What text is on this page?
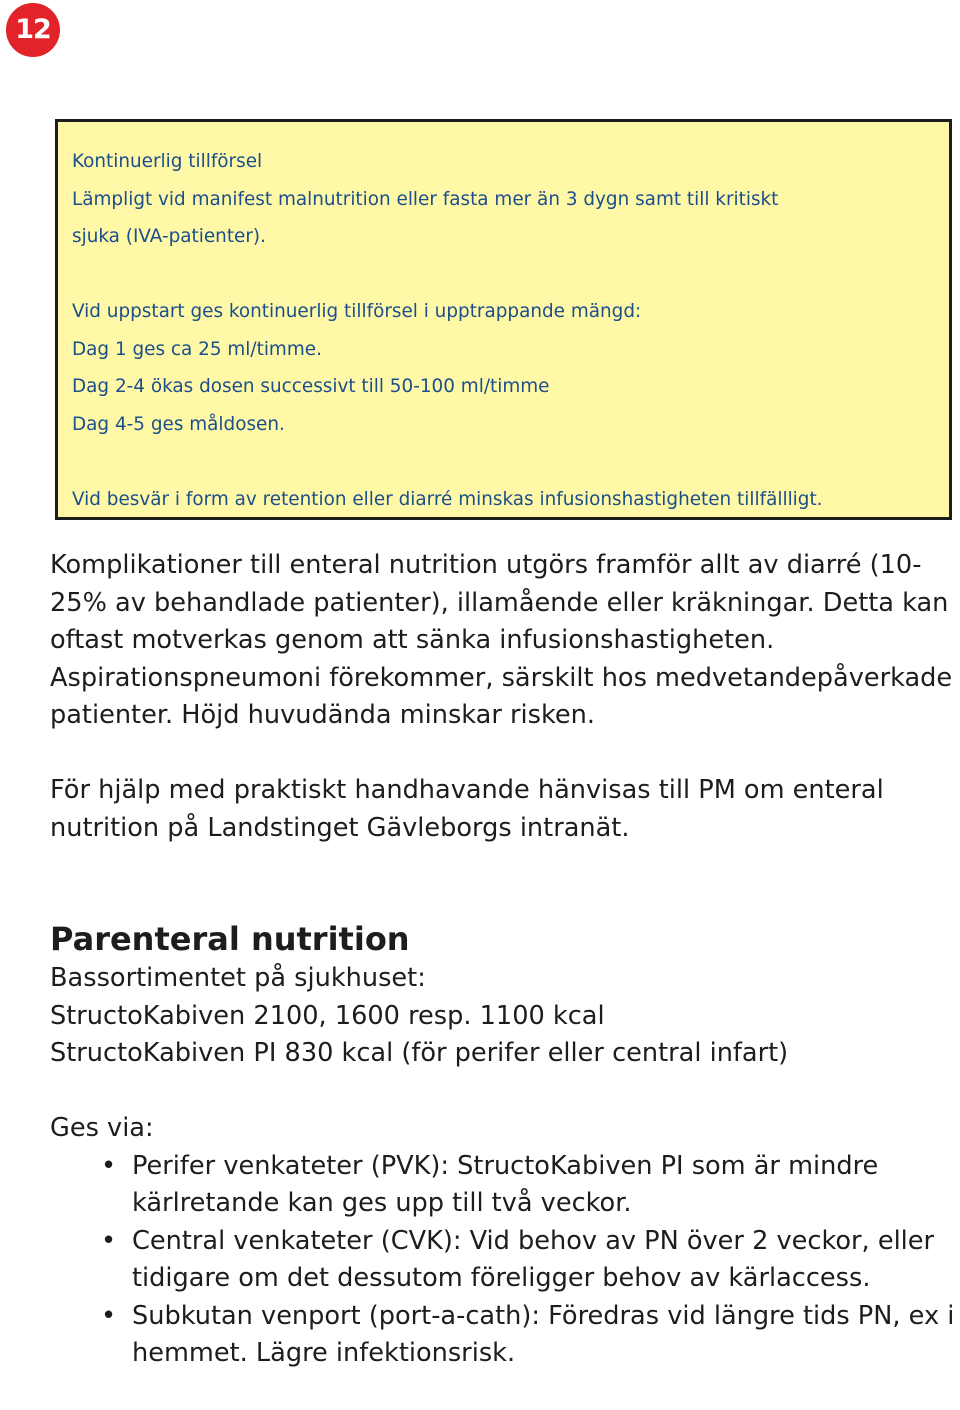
12
Kontinuerlig tillförsel
Lämpligt vid manifest malnutrition eller fasta mer än 3 dygn samt till kritiskt
sjuka (IVA-patienter).
Vid uppstart ges kontinuerlig tillförsel i upptrappande mängd:
Dag 1 ges ca 25 ml/timme.
Dag 2-4 ökas dosen successivt till 50-100 ml/timme
Dag 4-5 ges måldosen.
Vid besvär i form av retention eller diarré minskas infusionshastigheten tillfällligt.

Komplikationer till enteral nutrition utgörs framför allt av diarré (10-25% av behandlade patienter), illamående eller kräkningar. Detta kan oftast motverkas genom att sänka infusionshastigheten. Aspirationspneumoni förekommer, särskilt hos medvetandepåverkade patienter. Höjd huvudända minskar risken.

För hjälp med praktiskt handhavande hänvisas till PM om enteral nutrition på Landstinget Gävleborgs intranät.

Parenteral nutrition
Bassortimentet på sjukhuset:
StructoKabiven 2100, 1600 resp. 1100 kcal
StructoKabiven PI 830 kcal (för perifer eller central infart)
Ges via:
• Perifer venkateter (PVK): StructoKabiven PI som är mindre kärlretande kan ges upp till två veckor.
• Central venkateter (CVK): Vid behov av PN över 2 veckor, eller tidigare om det dessutom föreligger behov av kärlaccess.
• Subkutan venport (port-a-cath): Föredras vid längre tids PN, ex i hemmet. Lägre infektionsrisk.
